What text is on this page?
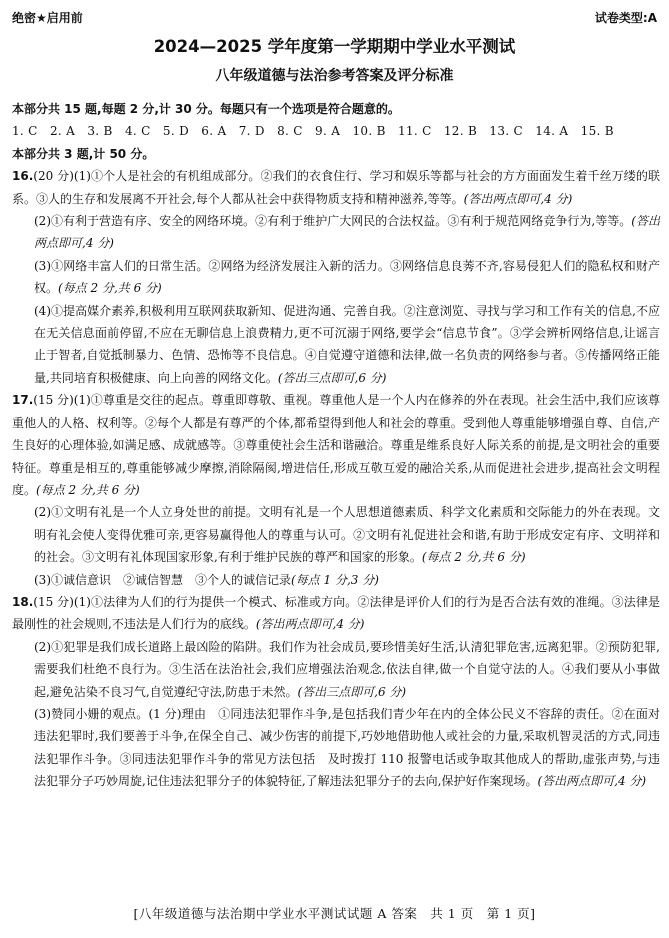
绝密★启用前	试卷类型:A
2024—2025 学年度第一学期期中学业水平测试
八年级道德与法治参考答案及评分标准

本部分共 15 题,每题 2 分,计 30 分。每题只有一个选项是符合题意的。

1. C　2. A　3. B　4. C　5. D　6. A　7. D　8. C　9. A　10. B　11. C　12. B　13. C　14. A　15. B

本部分共 3 题,计 50 分。

16.(20 分)(1)①个人是社会的有机组成部分。②我们的衣食住行、学习和娱乐等都与社会的方方面面发生着千丝万缕的联系。③人的生存和发展离不开社会,每个人都从社会中获得物质支持和精神滋养,等等。(答出两点即可,4 分)

(2)①有利于营造有序、安全的网络环境。②有利于维护广大网民的合法权益。③有利于规范网络竞争行为,等等。(答出两点即可,4 分)

(3)①网络丰富人们的日常生活。②网络为经济发展注入新的活力。③网络信息良莠不齐,容易侵犯人们的隐私权和财产权。(每点 2 分,共 6 分)

(4)①提高媒介素养,积极利用互联网获取新知、促进沟通、完善自我。②注意浏览、寻找与学习和工作有关的信息,不应在无关信息面前停留,不应在无聊信息上浪费精力,更不可沉溺于网络,要学会“信息节食”。③学会辨析网络信息,让谣言止于智者,自觉抵制暴力、色情、恐怖等不良信息。④自觉遵守道德和法律,做一名负责的网络参与者。⑤传播网络正能量,共同培育积极健康、向上向善的网络文化。(答出三点即可,6 分)

17.(15 分)(1)①尊重是交往的起点。尊重即尊敬、重视。尊重他人是一个人内在修养的外在表现。社会生活中,我们应该尊重他人的人格、权利等。②每个人都是有尊严的个体,都希望得到他人和社会的尊重。受到他人尊重能够增强自尊、自信,产生良好的心理体验,如满足感、成就感等。③尊重使社会生活和谐融洽。尊重是维系良好人际关系的前提,是文明社会的重要特征。尊重是相互的,尊重能够减少摩擦,消除隔阂,增进信任,形成互敬互爱的融洽关系,从而促进社会进步,提高社会文明程度。(每点 2 分,共 6 分)

(2)①文明有礼是一个人立身处世的前提。文明有礼是一个人思想道德素质、科学文化素质和交际能力的外在表现。文明有礼会使人变得优雅可亲,更容易赢得他人的尊重与认可。②文明有礼促进社会和谐,有助于形成安定有序、文明祥和的社会。③文明有礼体现国家形象,有利于维护民族的尊严和国家的形象。(每点 2 分,共 6 分)

(3)①诚信意识　②诚信智慧　③个人的诚信记录(每点 1 分,3 分)

18.(15 分)(1)①法律为人们的行为提供一个模式、标准或方向。②法律是评价人们的行为是否合法有效的准绳。③法律是最刚性的社会规则,不违法是人们行为的底线。(答出两点即可,4 分)

(2)①犯罪是我们成长道路上最凶险的陷阱。我们作为社会成员,要珍惜美好生活,认清犯罪危害,远离犯罪。②预防犯罪,需要我们杜绝不良行为。③生活在法治社会,我们应增强法治观念,依法自律,做一个自觉守法的人。④我们要从小事做起,避免沾染不良习气,自觉遵纪守法,防患于未然。(答出三点即可,6 分)

(3)赞同小姗的观点。(1 分)理由　①同违法犯罪作斗争,是包括我们青少年在内的全体公民义不容辞的责任。②在面对违法犯罪时,我们要善于斗争,在保全自己、减少伤害的前提下,巧妙地借助他人或社会的力量,采取机智灵活的方式,同违法犯罪作斗争。③同违法犯罪作斗争的常见方法包括　及时拨打 110 报警电话或争取其他成人的帮助,虚张声势,与违法犯罪分子巧妙周旋,记住违法犯罪分子的体貌特征,了解违法犯罪分子的去向,保护好作案现场。(答出两点即可,4 分)

[八年级道德与法治期中学业水平测试试题 A 答案　共 1 页　第 1 页]
